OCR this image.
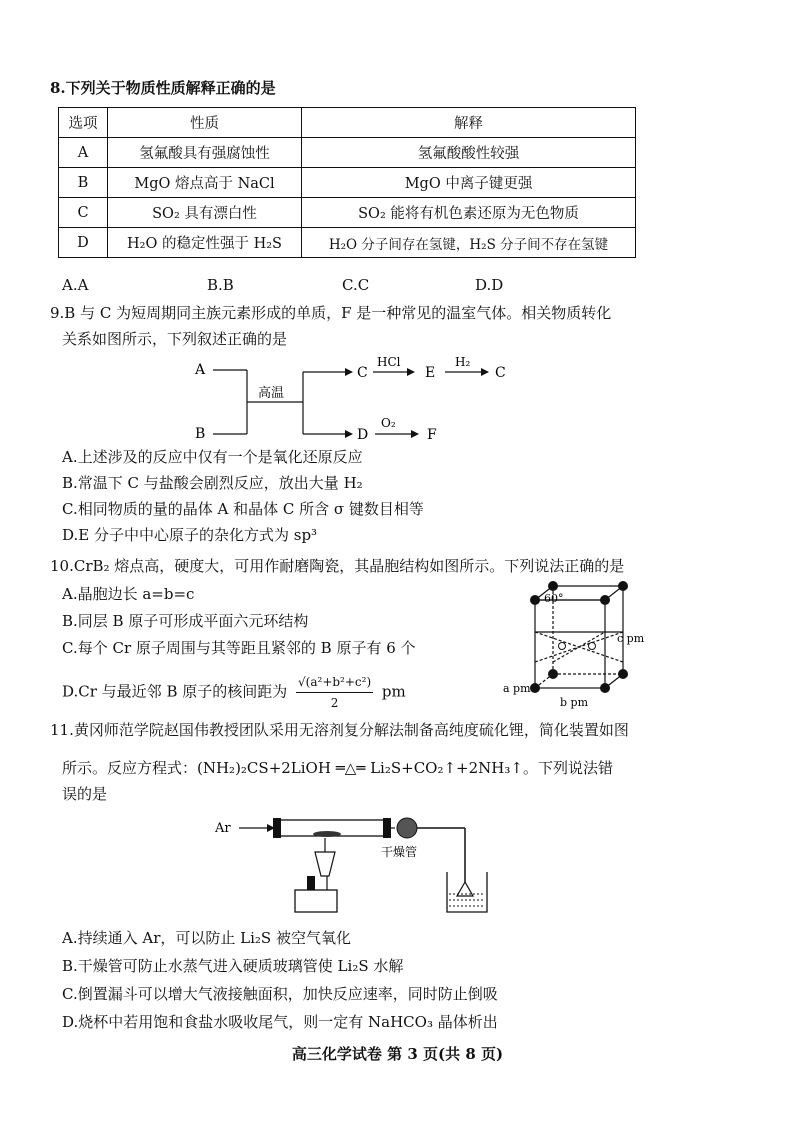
8.下列关于物质性质解释正确的是
选项	性质	解释
A	氢氟酸具有强腐蚀性	氢氟酸酸性较强
B	MgO 熔点高于 NaCl	MgO 中离子键更强
C	SO₂ 具有漂白性	SO₂ 能将有机色素还原为无色物质
D	H₂O 的稳定性强于 H₂S	H₂O 分子间存在氢键，H₂S 分子间不存在氢键
A.A	B.B	C.C	D.D
9.B 与 C 为短周期同主族元素形成的单质，F 是一种常见的温室气体。相关物质转化
关系如图所示，下列叙述正确的是
A
B
高温
C
HCl
E
H₂
C
D
O₂
F
A.上述涉及的反应中仅有一个是氧化还原反应
B.常温下 C 与盐酸会剧烈反应，放出大量 H₂
C.相同物质的量的晶体 A 和晶体 C 所含 σ 键数目相等
D.E 分子中中心原子的杂化方式为 sp³
10.CrB₂ 熔点高，硬度大，可用作耐磨陶瓷，其晶胞结构如图所示。下列说法正确的是
A.晶胞边长 a=b=c
B.同层 B 原子可形成平面六元环结构
C.每个 Cr 原子周围与其等距且紧邻的 B 原子有 6 个
D.Cr 与最近邻 B 原子的核间距为 $\frac{\text{√(a²+b²+c²)}}{2}$ pm
60°
c pm
a pm
b pm
11.黄冈师范学院赵国伟教授团队采用无溶剂复分解法制备高纯度硫化锂，简化装置如图
所示。反应方程式：(NH₂)₂CS+2LiOH ═△═ Li₂S+CO₂↑+2NH₃↑。下列说法错
误的是
Ar
干燥管
A.持续通入 Ar，可以防止 Li₂S 被空气氧化
B.干燥管可防止水蒸气进入硬质玻璃管使 Li₂S 水解
C.倒置漏斗可以增大气液接触面积，加快反应速率，同时防止倒吸
D.烧杯中若用饱和食盐水吸收尾气，则一定有 NaHCO₃ 晶体析出
高三化学试卷 第 3 页(共 8 页)
